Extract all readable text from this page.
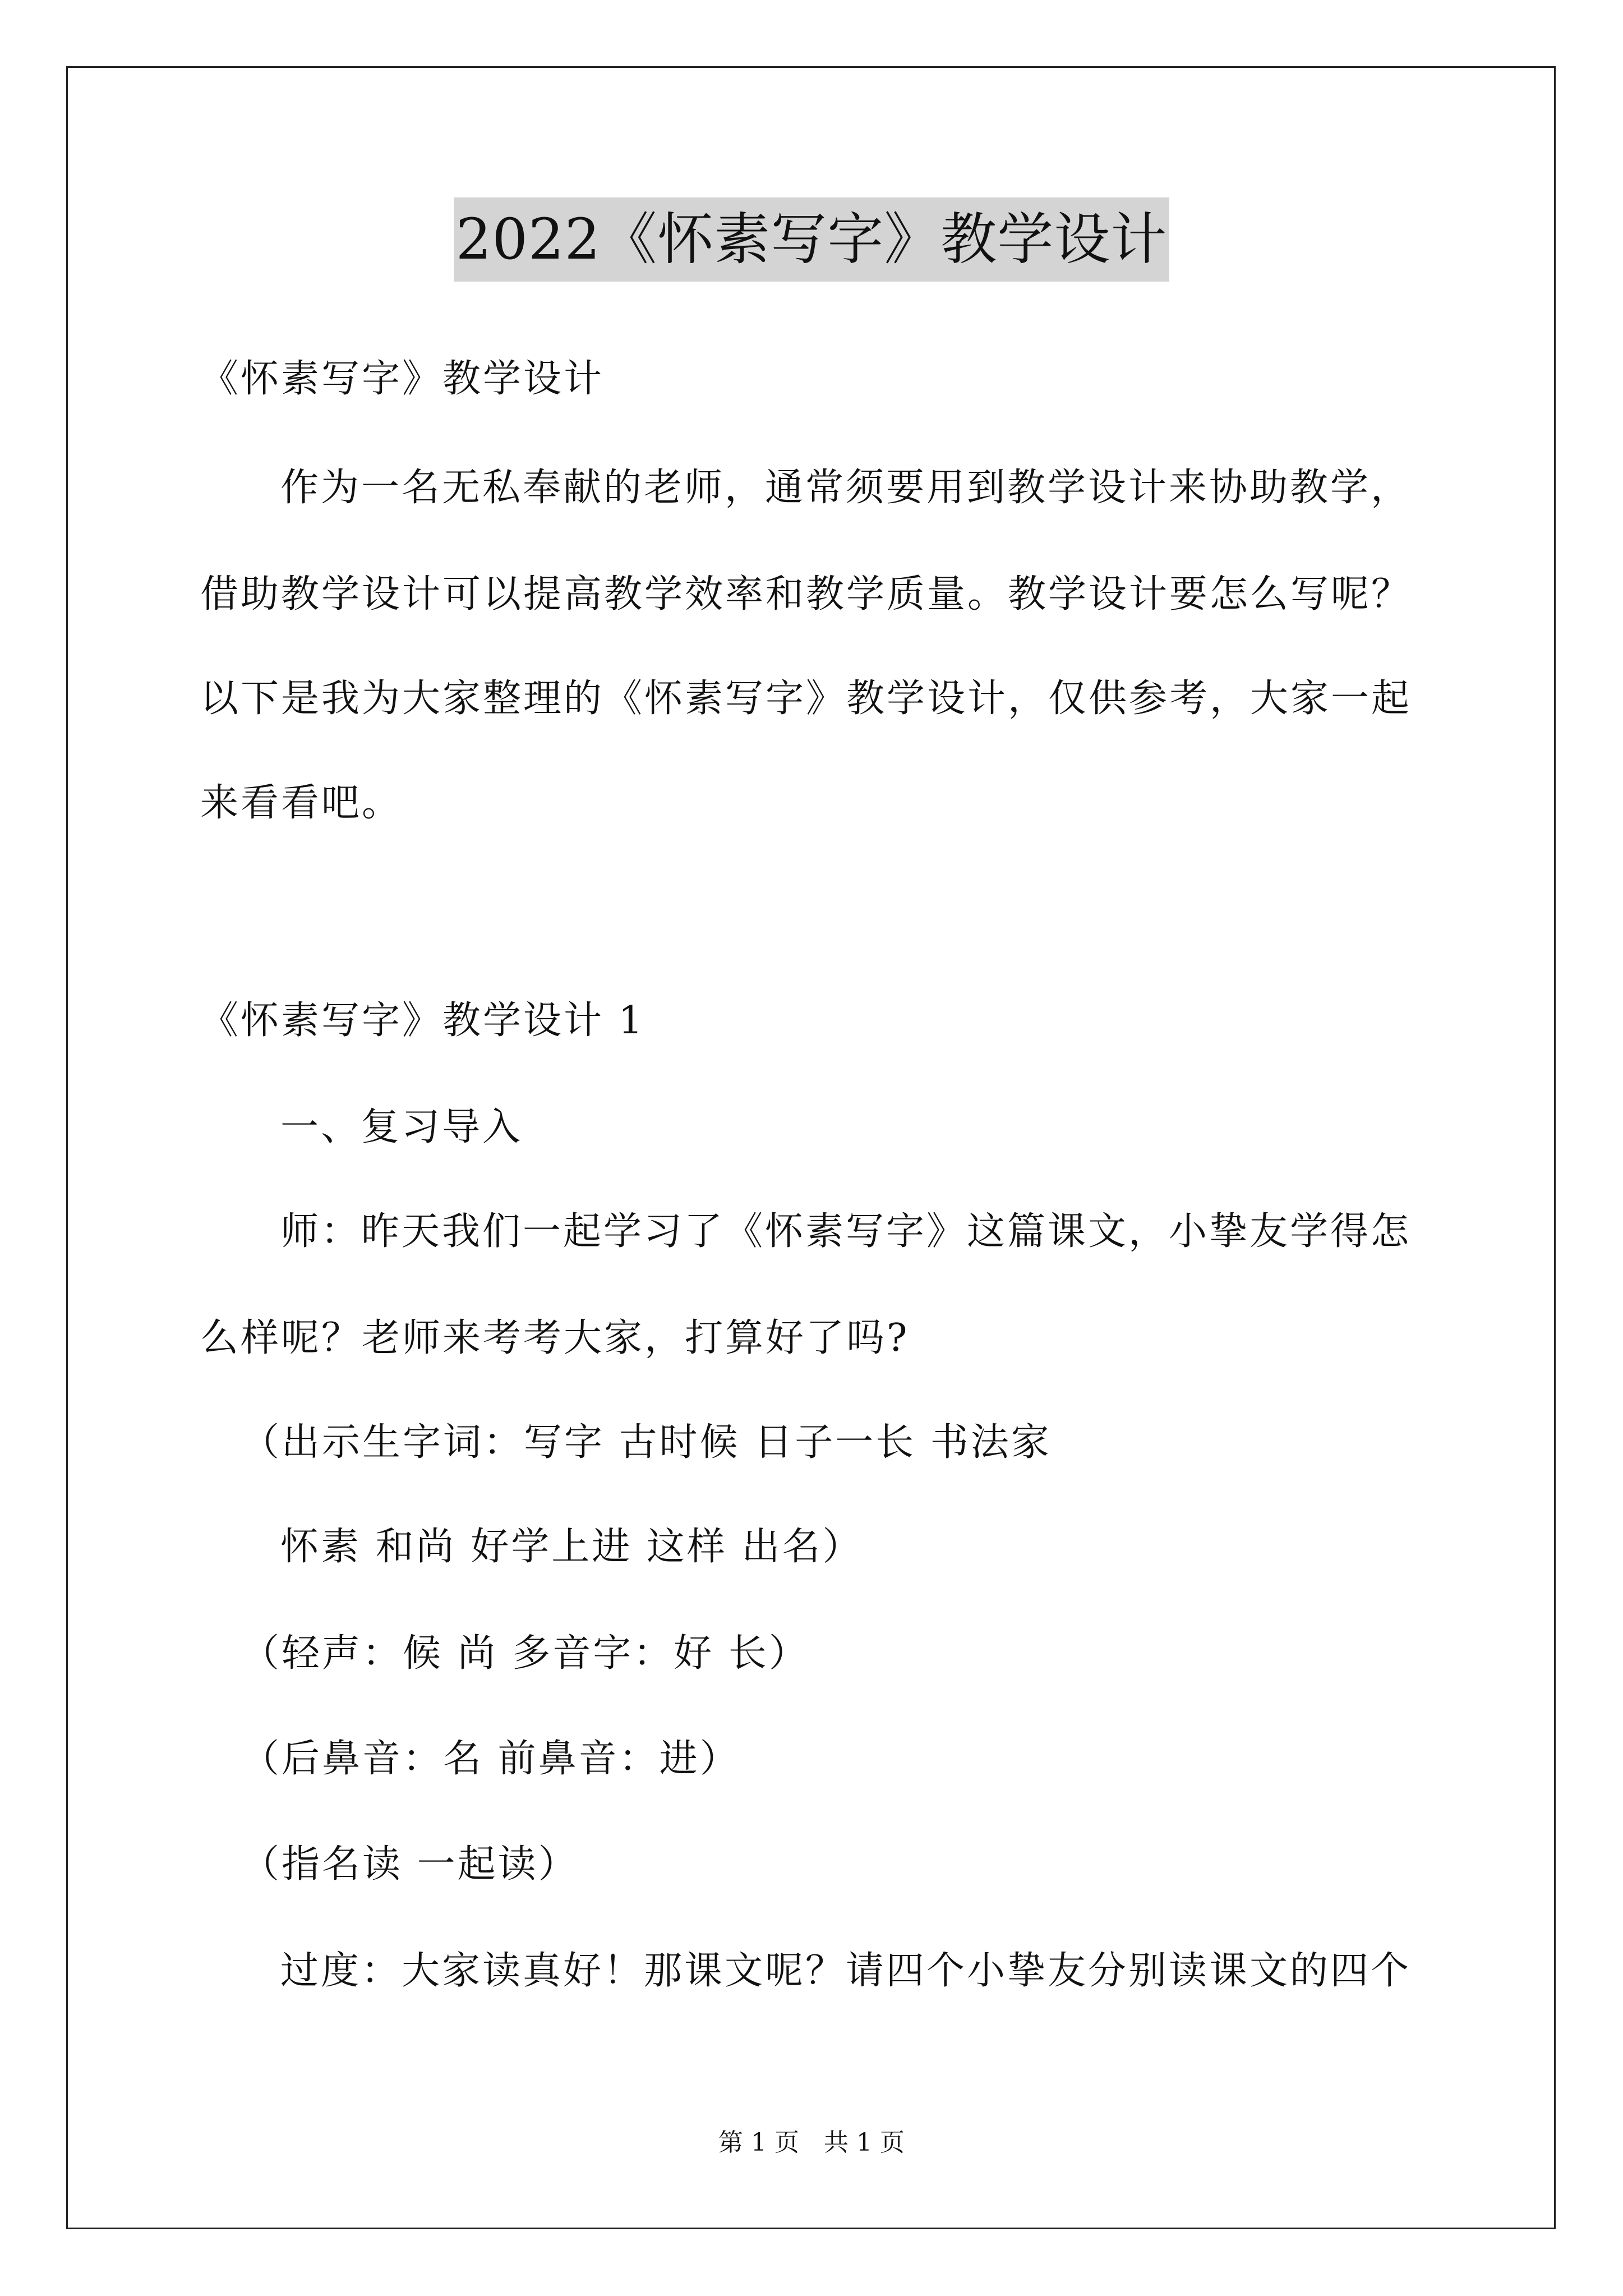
2022《怀素写字》教学设计
《怀素写字》教学设计
作为一名无私奉献的老师，通常须要用到教学设计来协助教学，
借助教学设计可以提高教学效率和教学质量。教学设计要怎么写呢？
以下是我为大家整理的《怀素写字》教学设计，仅供参考，大家一起
来看看吧。
《怀素写字》教学设计 1
一、复习导入
师：昨天我们一起学习了《怀素写字》这篇课文，小挚友学得怎
么样呢？老师来考考大家，打算好了吗?
（出示生字词：写字 古时候 日子一长 书法家
怀素 和尚 好学上进 这样 出名）
（轻声：候 尚 多音字：好 长）
（后鼻音：名 前鼻音：进）
（指名读 一起读）
过度：大家读真好！那课文呢？请四个小挚友分别读课文的四个
第 1 页 共 1 页
